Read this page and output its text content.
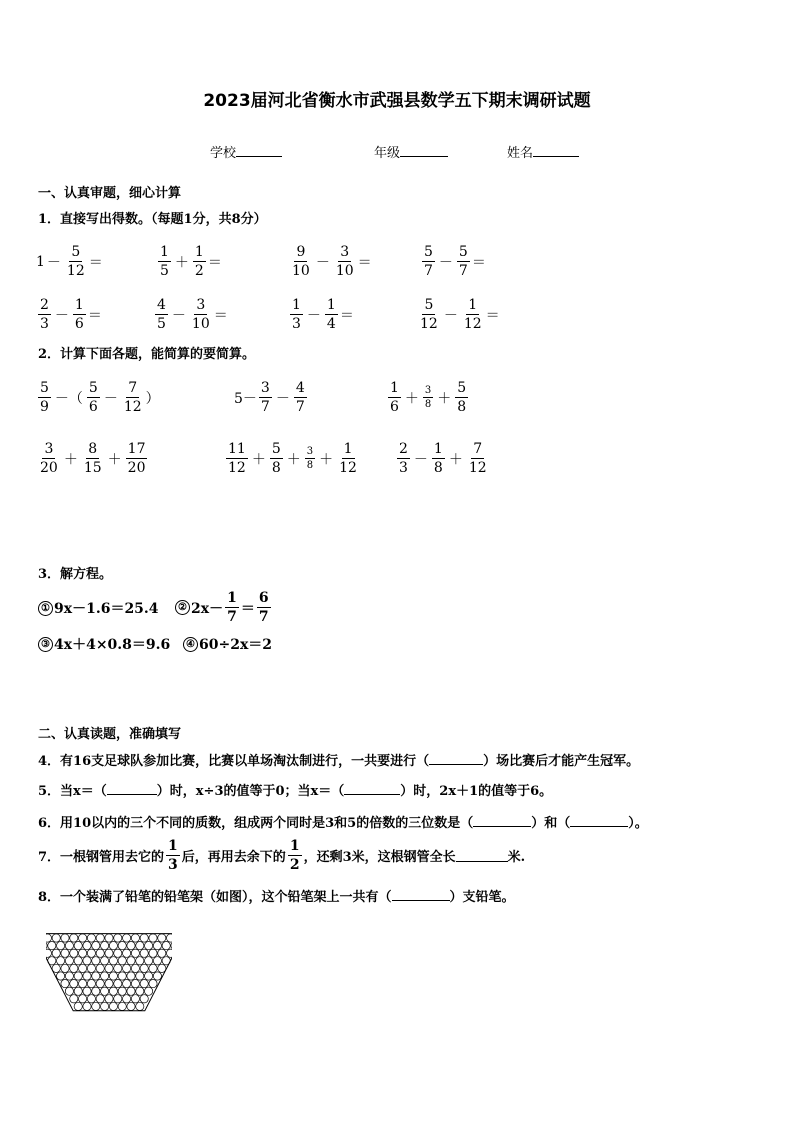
2023届河北省衡水市武强县数学五下期末调研试题
学校	年级	姓名
一、认真审题，细心计算
1．直接写出得数。（每题1分，共8分）
$1 - \frac{5}{12}$ ＝	$\frac{1}{5} + \frac{1}{2}$ ＝	$\frac{9}{10} - \frac{3}{10}$ ＝	$\frac{5}{7} - \frac{5}{7}$ ＝
$\frac{2}{3} - \frac{1}{6}$ ＝	$\frac{4}{5} - \frac{3}{10}$ ＝	$\frac{1}{3} - \frac{1}{4}$ ＝	$\frac{5}{12} - \frac{1}{12}$ ＝
2．计算下面各题，能简算的要简算。
$\frac{5}{9}$ －（ $\frac{5}{6} - \frac{7}{12}$ ）	$5- \frac{3}{7} - \frac{4}{7}$	$\frac{1}{6} + \frac{3}{8} + \frac{5}{8}$
$\frac{3}{20} + \frac{8}{15} + \frac{17}{20}$	$\frac{11}{12} + \frac{5}{8} + \frac{3}{8} + \frac{1}{12}$	$\frac{2}{3} - \frac{1}{8} + \frac{7}{12}$
3．解方程。
① 9x－1.6＝25.4	② $2x- \frac{1}{7} = \frac{6}{7}$
③ 4x＋4×0.8＝9.6	④ 60÷2x＝2
二、认真读题，准确填写
4．有16支足球队参加比赛，比赛以单场淘汰制进行，一共要进行（	）场比赛后才能产生冠军。
5．当x＝（	）时，x÷3的值等于0；当x＝（	）时，2x＋1的值等于6。
6．用10以内的三个不同的质数，组成两个同时是3和5的倍数的三位数是（	）和（	）。
7．一根钢管用去它的 $\frac{1}{3}$ 后，再用去余下的 $\frac{1}{2}$ ，还剩3米，这根钢管全长	米.
8．一个装满了铅笔的铅笔架（如图），这个铅笔架上一共有（	）支铅笔。
